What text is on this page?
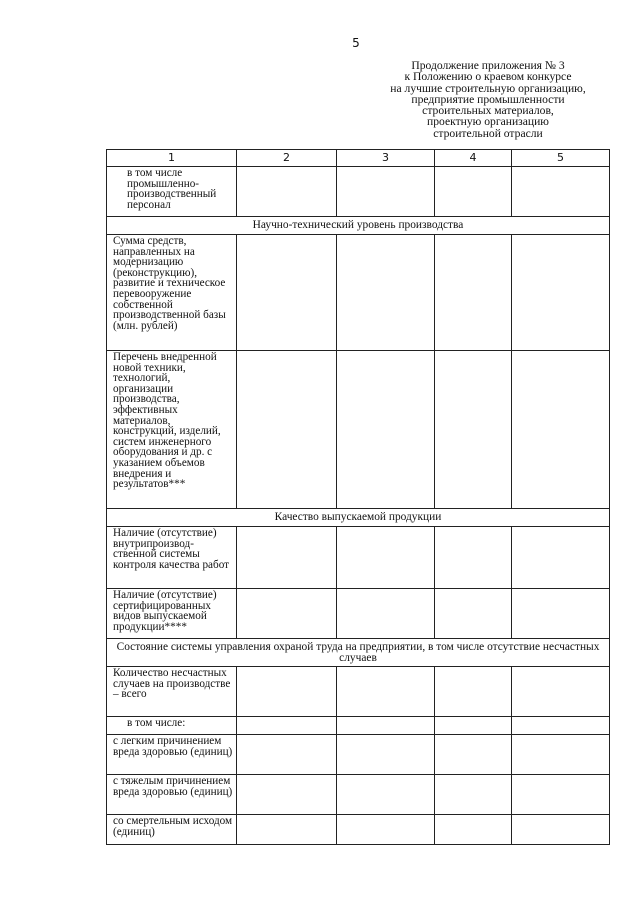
5
Продолжение приложения № 3
к Положению о краевом конкурсе
на лучшие строительную организацию,
предприятие промышленности
строительных материалов,
проектную организацию
строительной отрасли
1	2	3	4	5

в том числе промышленно-производственный персонал				

Научно-технический уровень производства				

Сумма средств, направленных на модернизацию (реконструкцию), развитие и техническое перевооружение собственной производственной базы (млн. рублей)				

Перечень внедренной новой техники, технологий, организации производства, эффективных материалов, конструкций, изделий, систем инженерного оборудования и др. с указанием объемов внедрения и результатов***				

Качество выпускаемой продукции				

Наличие (отсутствие) внутрипроизвод-ственной системы контроля качества работ				

Наличие (отсутствие) сертифицированных видов выпускаемой продукции****				

Состояние системы управления охраной труда на предприятии, в том числе отсутствие несчастных случаев				

Количество несчастных случаев на производстве – всего				

в том числе:				

с легким причинением вреда здоровью (единиц)				

с тяжелым причинением вреда здоровью (единиц)				

со смертельным исходом (единиц)				
